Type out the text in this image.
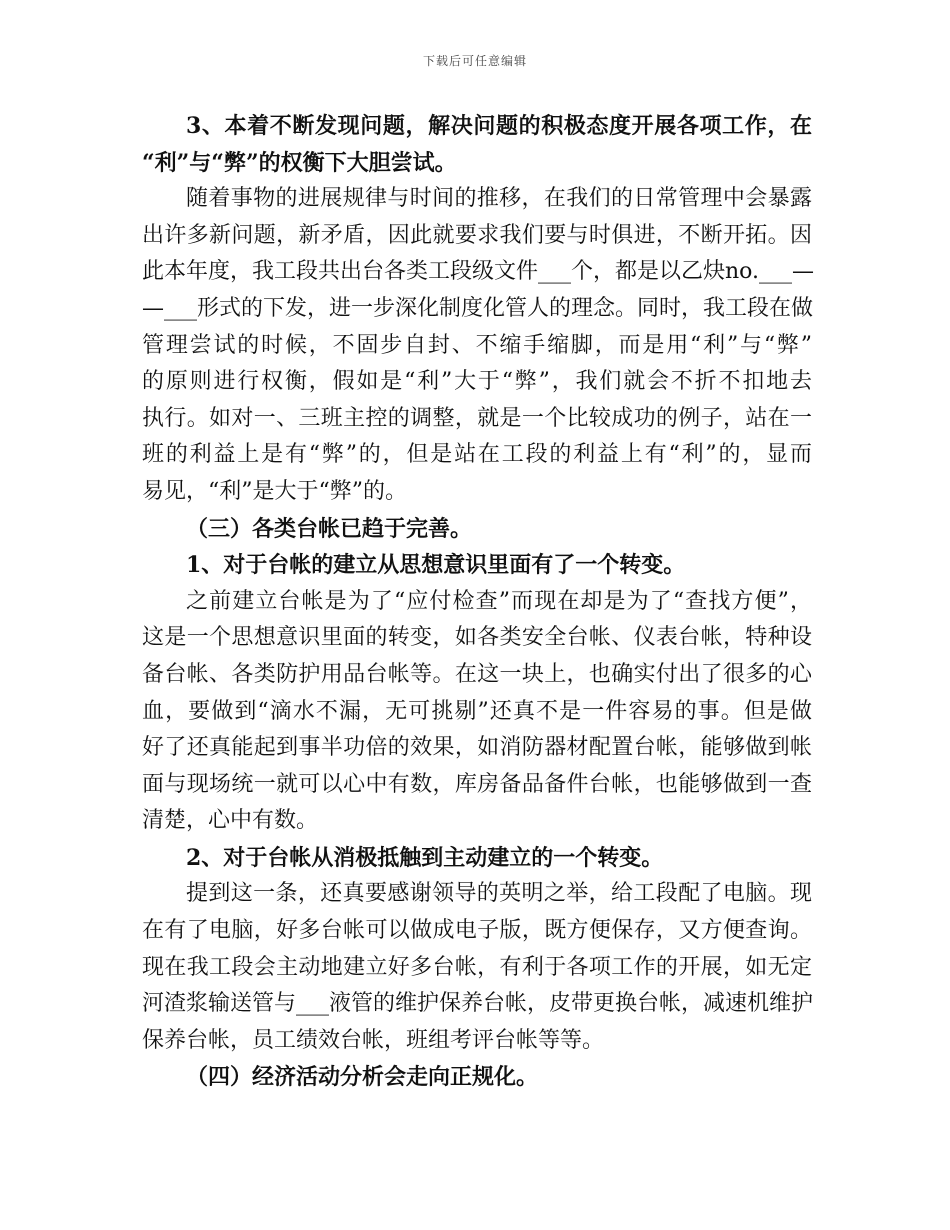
下载后可任意编辑
3、本着不断发现问题，解决问题的积极态度开展各项工作，在
“利”与“弊”的权衡下大胆尝试。
随着事物的进展规律与时间的推移，在我们的日常管理中会暴露
出许多新问题，新矛盾，因此就要求我们要与时俱进，不断开拓。因
此本年度，我工段共出台各类工段级文件___个，都是以乙炔no.___—
—___形式的下发，进一步深化制度化管人的理念。同时，我工段在做
管理尝试的时候，不固步自封、不缩手缩脚，而是用“利”与“弊”
的原则进行权衡，假如是“利”大于“弊”，我们就会不折不扣地去
执行。如对一、三班主控的调整，就是一个比较成功的例子，站在一
班的利益上是有“弊”的，但是站在工段的利益上有“利”的，显而
易见，“利”是大于“弊”的。
（三）各类台帐已趋于完善。
1、对于台帐的建立从思想意识里面有了一个转变。
之前建立台帐是为了“应付检查”而现在却是为了“查找方便”，
这是一个思想意识里面的转变，如各类安全台帐、仪表台帐，特种设
备台帐、各类防护用品台帐等。在这一块上，也确实付出了很多的心
血，要做到“滴水不漏，无可挑剔”还真不是一件容易的事。但是做
好了还真能起到事半功倍的效果，如消防器材配置台帐，能够做到帐
面与现场统一就可以心中有数，库房备品备件台帐，也能够做到一查
清楚，心中有数。
2、对于台帐从消极抵触到主动建立的一个转变。
提到这一条，还真要感谢领导的英明之举，给工段配了电脑。现
在有了电脑，好多台帐可以做成电子版，既方便保存，又方便查询。
现在我工段会主动地建立好多台帐，有利于各项工作的开展，如无定
河渣浆输送管与___液管的维护保养台帐，皮带更换台帐，减速机维护
保养台帐，员工绩效台帐，班组考评台帐等等。
（四）经济活动分析会走向正规化。
